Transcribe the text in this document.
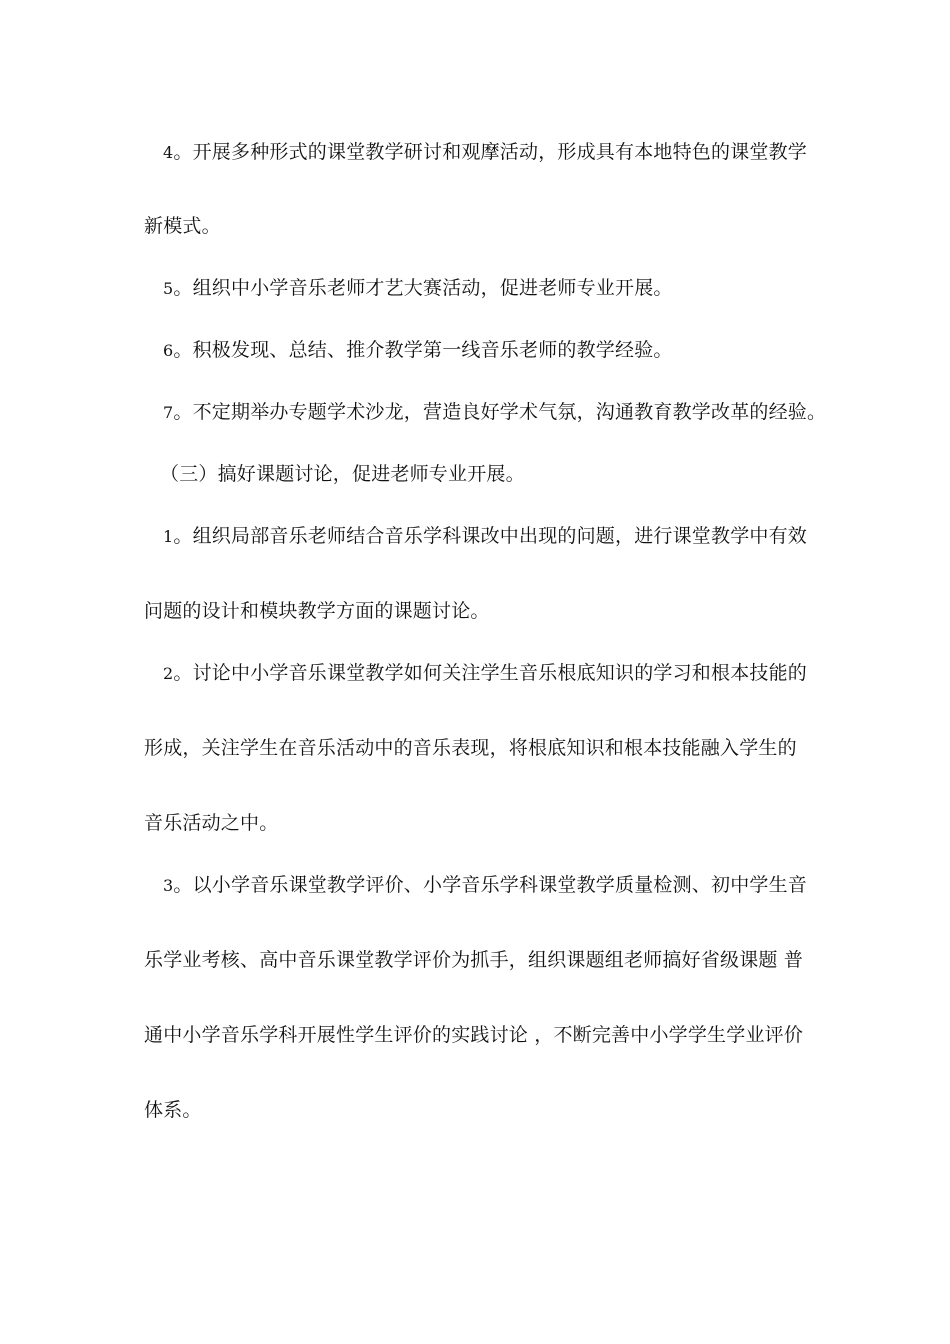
4。开展多种形式的课堂教学研讨和观摩活动，形成具有本地特色的课堂教学
新模式。
5。组织中小学音乐老师才艺大赛活动，促进老师专业开展。
6。积极发现、总结、推介教学第一线音乐老师的教学经验。
7。不定期举办专题学术沙龙，营造良好学术气氛，沟通教育教学改革的经验。
（三）搞好课题讨论，促进老师专业开展。
1。组织局部音乐老师结合音乐学科课改中出现的问题，进行课堂教学中有效
问题的设计和模块教学方面的课题讨论。
2。讨论中小学音乐课堂教学如何关注学生音乐根底知识的学习和根本技能的
形成，关注学生在音乐活动中的音乐表现，将根底知识和根本技能融入学生的
音乐活动之中。
3。以小学音乐课堂教学评价、小学音乐学科课堂教学质量检测、初中学生音
乐学业考核、高中音乐课堂教学评价为抓手，组织课题组老师搞好省级课题 普
通中小学音乐学科开展性学生评价的实践讨论 ，不断完善中小学学生学业评价
体系。
